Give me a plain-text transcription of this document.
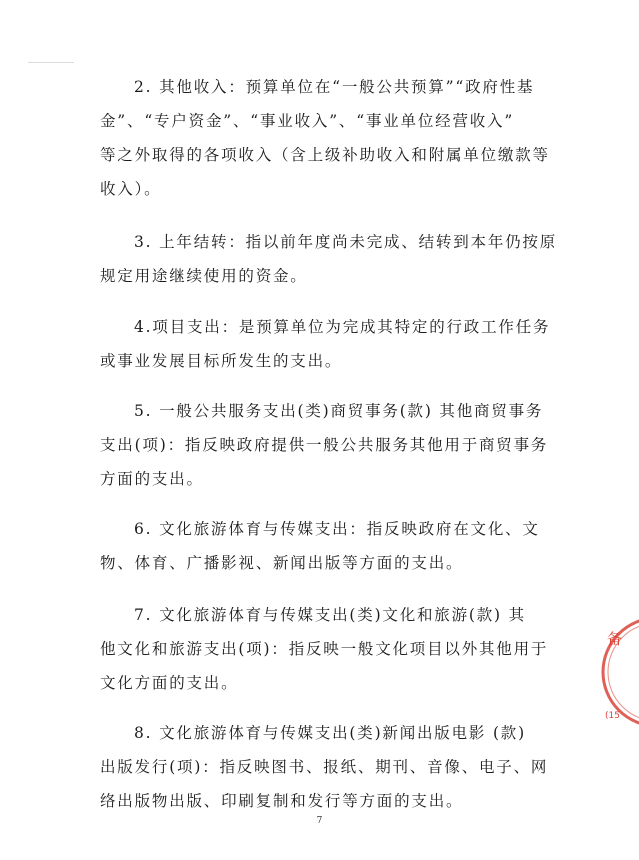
2. 其他收入：预算单位在“一般公共预算”“政府性基
金”、“专户资金”、“事业收入”、“事业单位经营收入”
等之外取得的各项收入（含上级补助收入和附属单位缴款等
收入）。
3. 上年结转：指以前年度尚未完成、结转到本年仍按原
规定用途继续使用的资金。
4.项目支出：是预算单位为完成其特定的行政工作任务
或事业发展目标所发生的支出。
5. 一般公共服务支出(类)商贸事务(款) 其他商贸事务
支出(项)：指反映政府提供一般公共服务其他用于商贸事务
方面的支出。
6. 文化旅游体育与传媒支出：指反映政府在文化、文
物、体育、广播影视、新闻出版等方面的支出。
7. 文化旅游体育与传媒支出(类)文化和旅游(款) 其
他文化和旅游支出(项)：指反映一般文化项目以外其他用于
文化方面的支出。
8. 文化旅游体育与传媒支出(类)新闻出版电影 (款)
出版发行(项)：指反映图书、报纸、期刊、音像、电子、网
络出版物出版、印刷复制和发行等方面的支出。
7
备
(15
